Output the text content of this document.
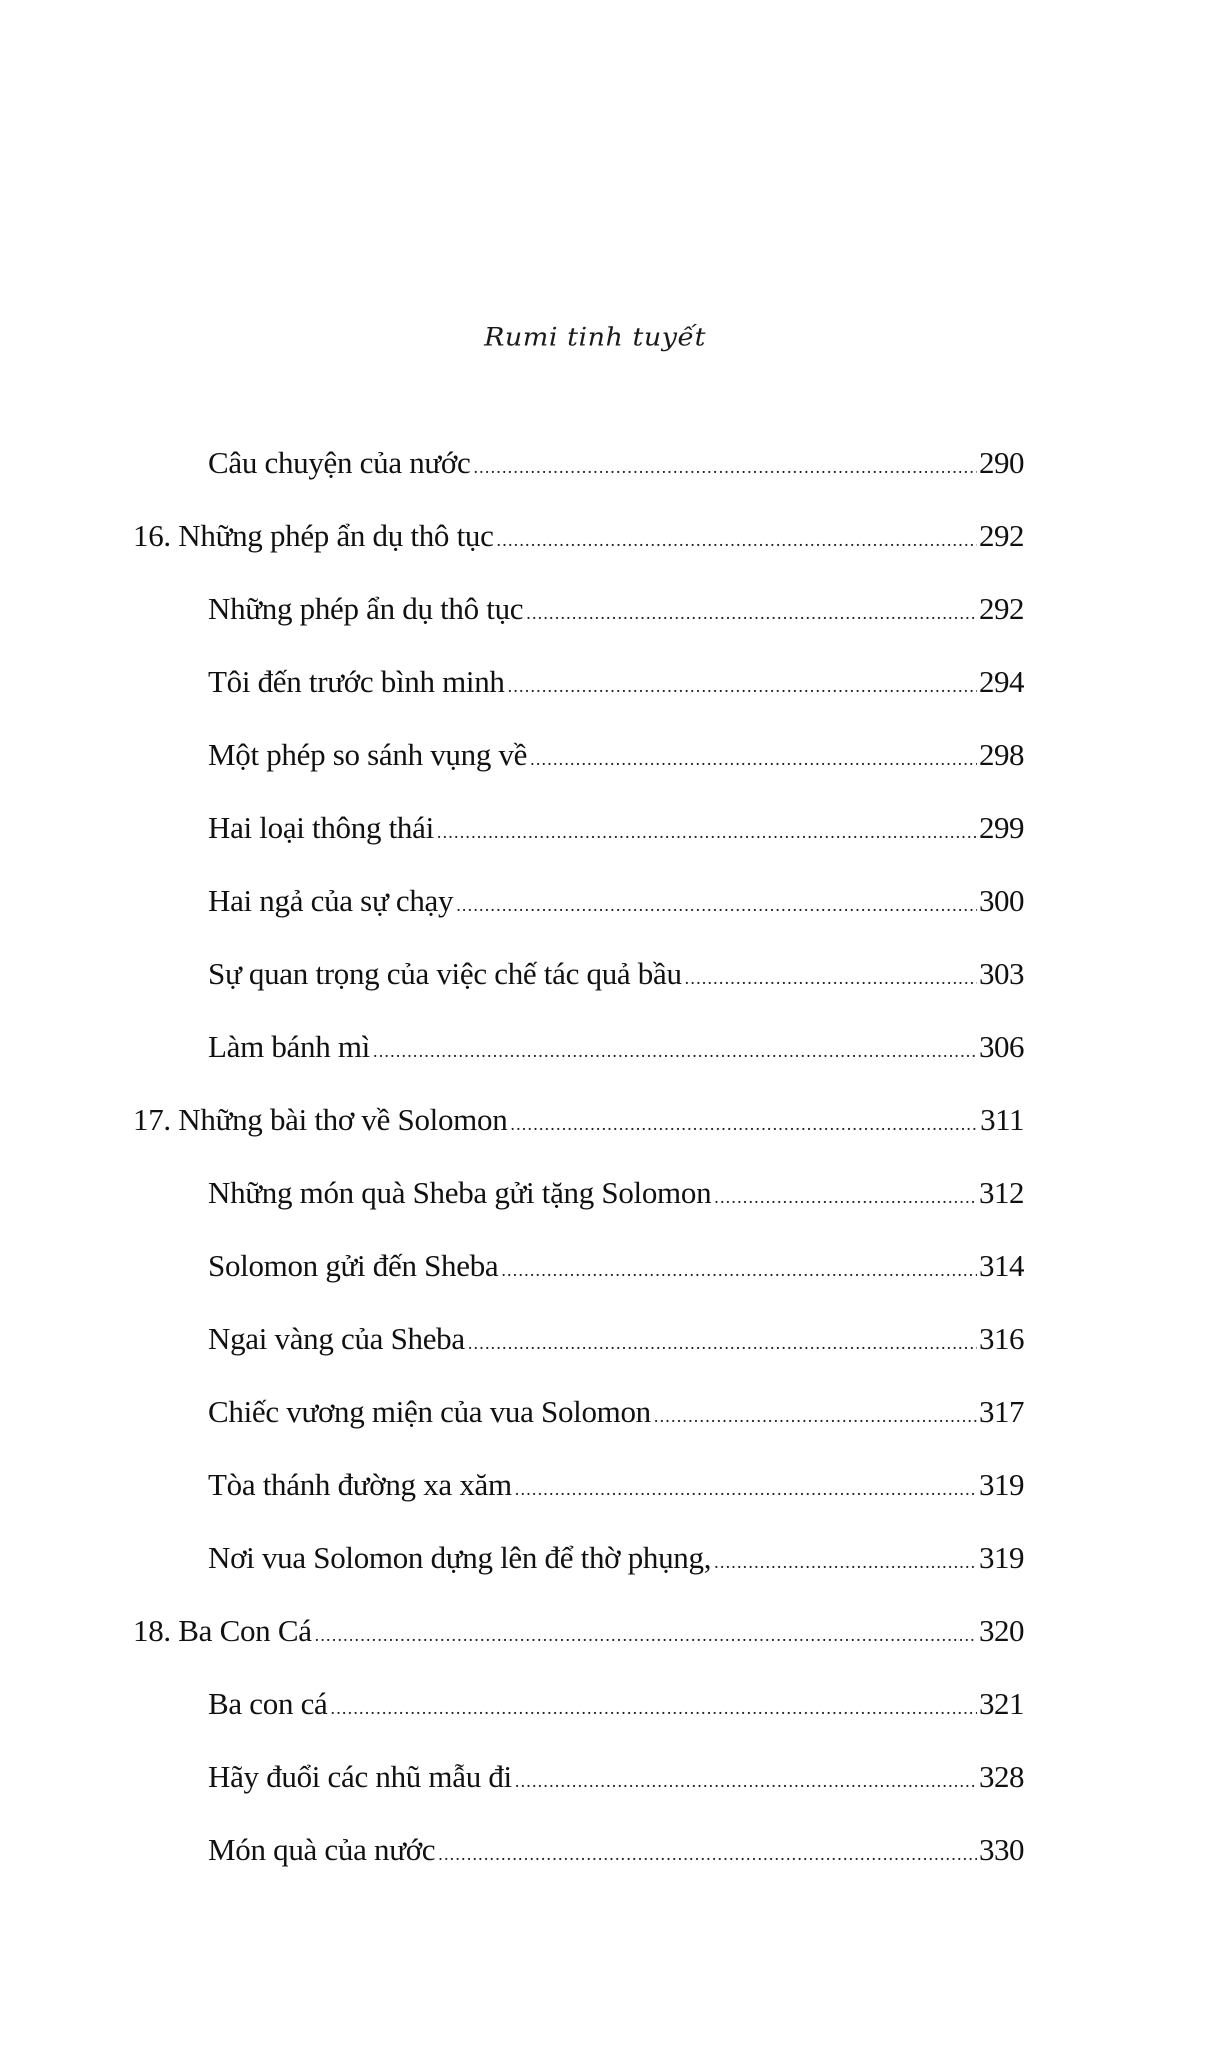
Rumi tinh tuyết
Câu chuyện của nước .....	290
16. Những phép ẩn dụ thô tục .....	292
Những phép ẩn dụ thô tục .....	292
Tôi đến trước bình minh .....	294
Một phép so sánh vụng về .....	298
Hai loại thông thái .....	299
Hai ngả của sự chạy .....	300
Sự quan trọng của việc chế tác quả bầu .....	303
Làm bánh mì .....	306
17. Những bài thơ về Solomon .....	311
Những món quà Sheba gửi tặng Solomon .....	312
Solomon gửi đến Sheba .....	314
Ngai vàng của Sheba .....	316
Chiếc vương miện của vua Solomon .....	317
Tòa thánh đường xa xăm .....	319
Nơi vua Solomon dựng lên để thờ phụng, .....	319
18. Ba Con Cá .....	320
Ba con cá .....	321
Hãy đuổi các nhũ mẫu đi .....	328
Món quà của nước .....	330
